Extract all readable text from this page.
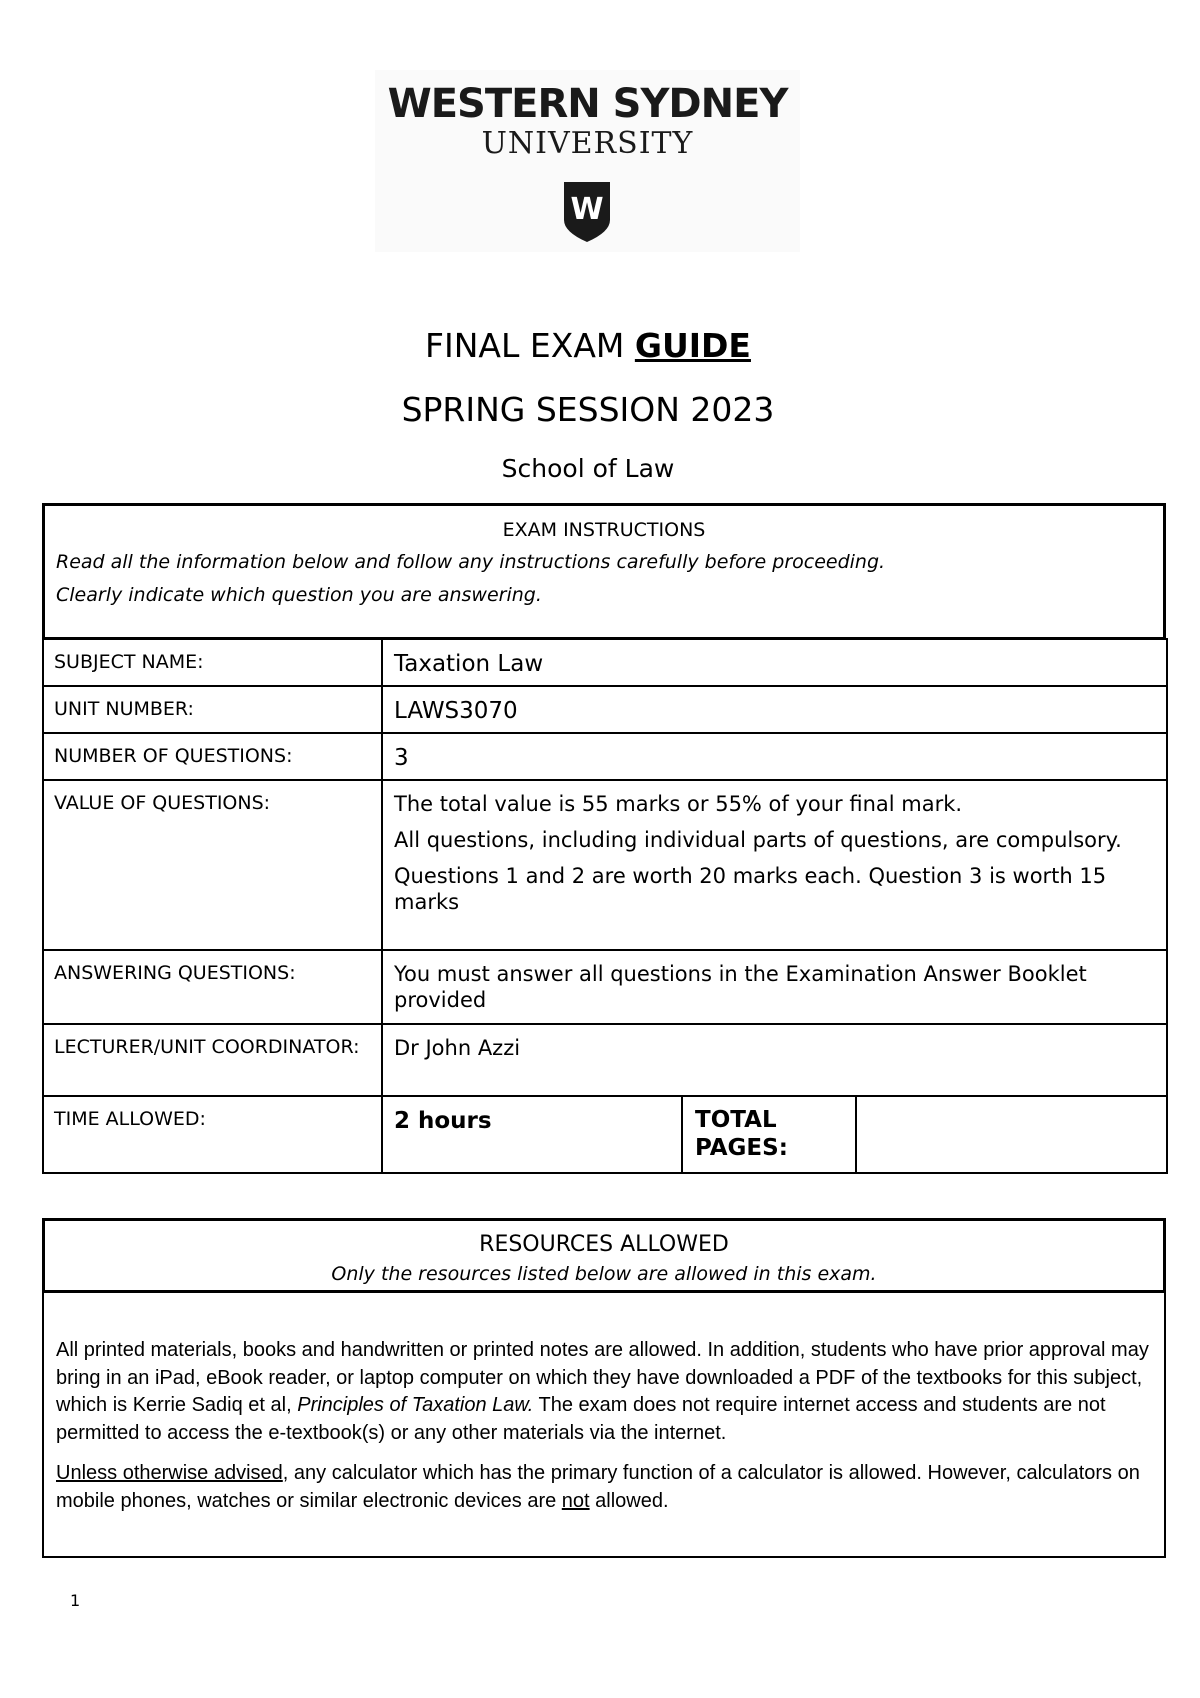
WESTERN SYDNEY
UNIVERSITY
W
FINAL EXAM GUIDE
SPRING SESSION 2023
School of Law
EXAM INSTRUCTIONS
Read all the information below and follow any instructions carefully before proceeding.
Clearly indicate which question you are answering.
SUBJECT NAME:	Taxation Law		
UNIT NUMBER:	LAWS3070		
NUMBER OF QUESTIONS:	3		
VALUE OF QUESTIONS:	The total value is 55 marks or 55% of your final mark.

All questions, including individual parts of questions, are compulsory.

Questions 1 and 2 are worth 20 marks each. Question 3 is worth 15 marks		

ANSWERING QUESTIONS:	You must answer all questions in the Examination Answer Booklet provided		
LECTURER/UNIT COORDINATOR:	Dr John Azzi		
TIME ALLOWED:	2 hours	TOTAL PAGES:	
RESOURCES ALLOWED
Only the resources listed below are allowed in this exam.

All printed materials, books and handwritten or printed notes are allowed. In addition, students who have prior approval may bring in an iPad, eBook reader, or laptop computer on which they have downloaded a PDF of the textbooks for this subject, which is Kerrie Sadiq et al, Principles of Taxation Law. The exam does not require internet access and students are not permitted to access the e-textbook(s) or any other materials via the internet.

Unless otherwise advised, any calculator which has the primary function of a calculator is allowed. However, calculators on mobile phones, watches or similar electronic devices are not allowed.

1
